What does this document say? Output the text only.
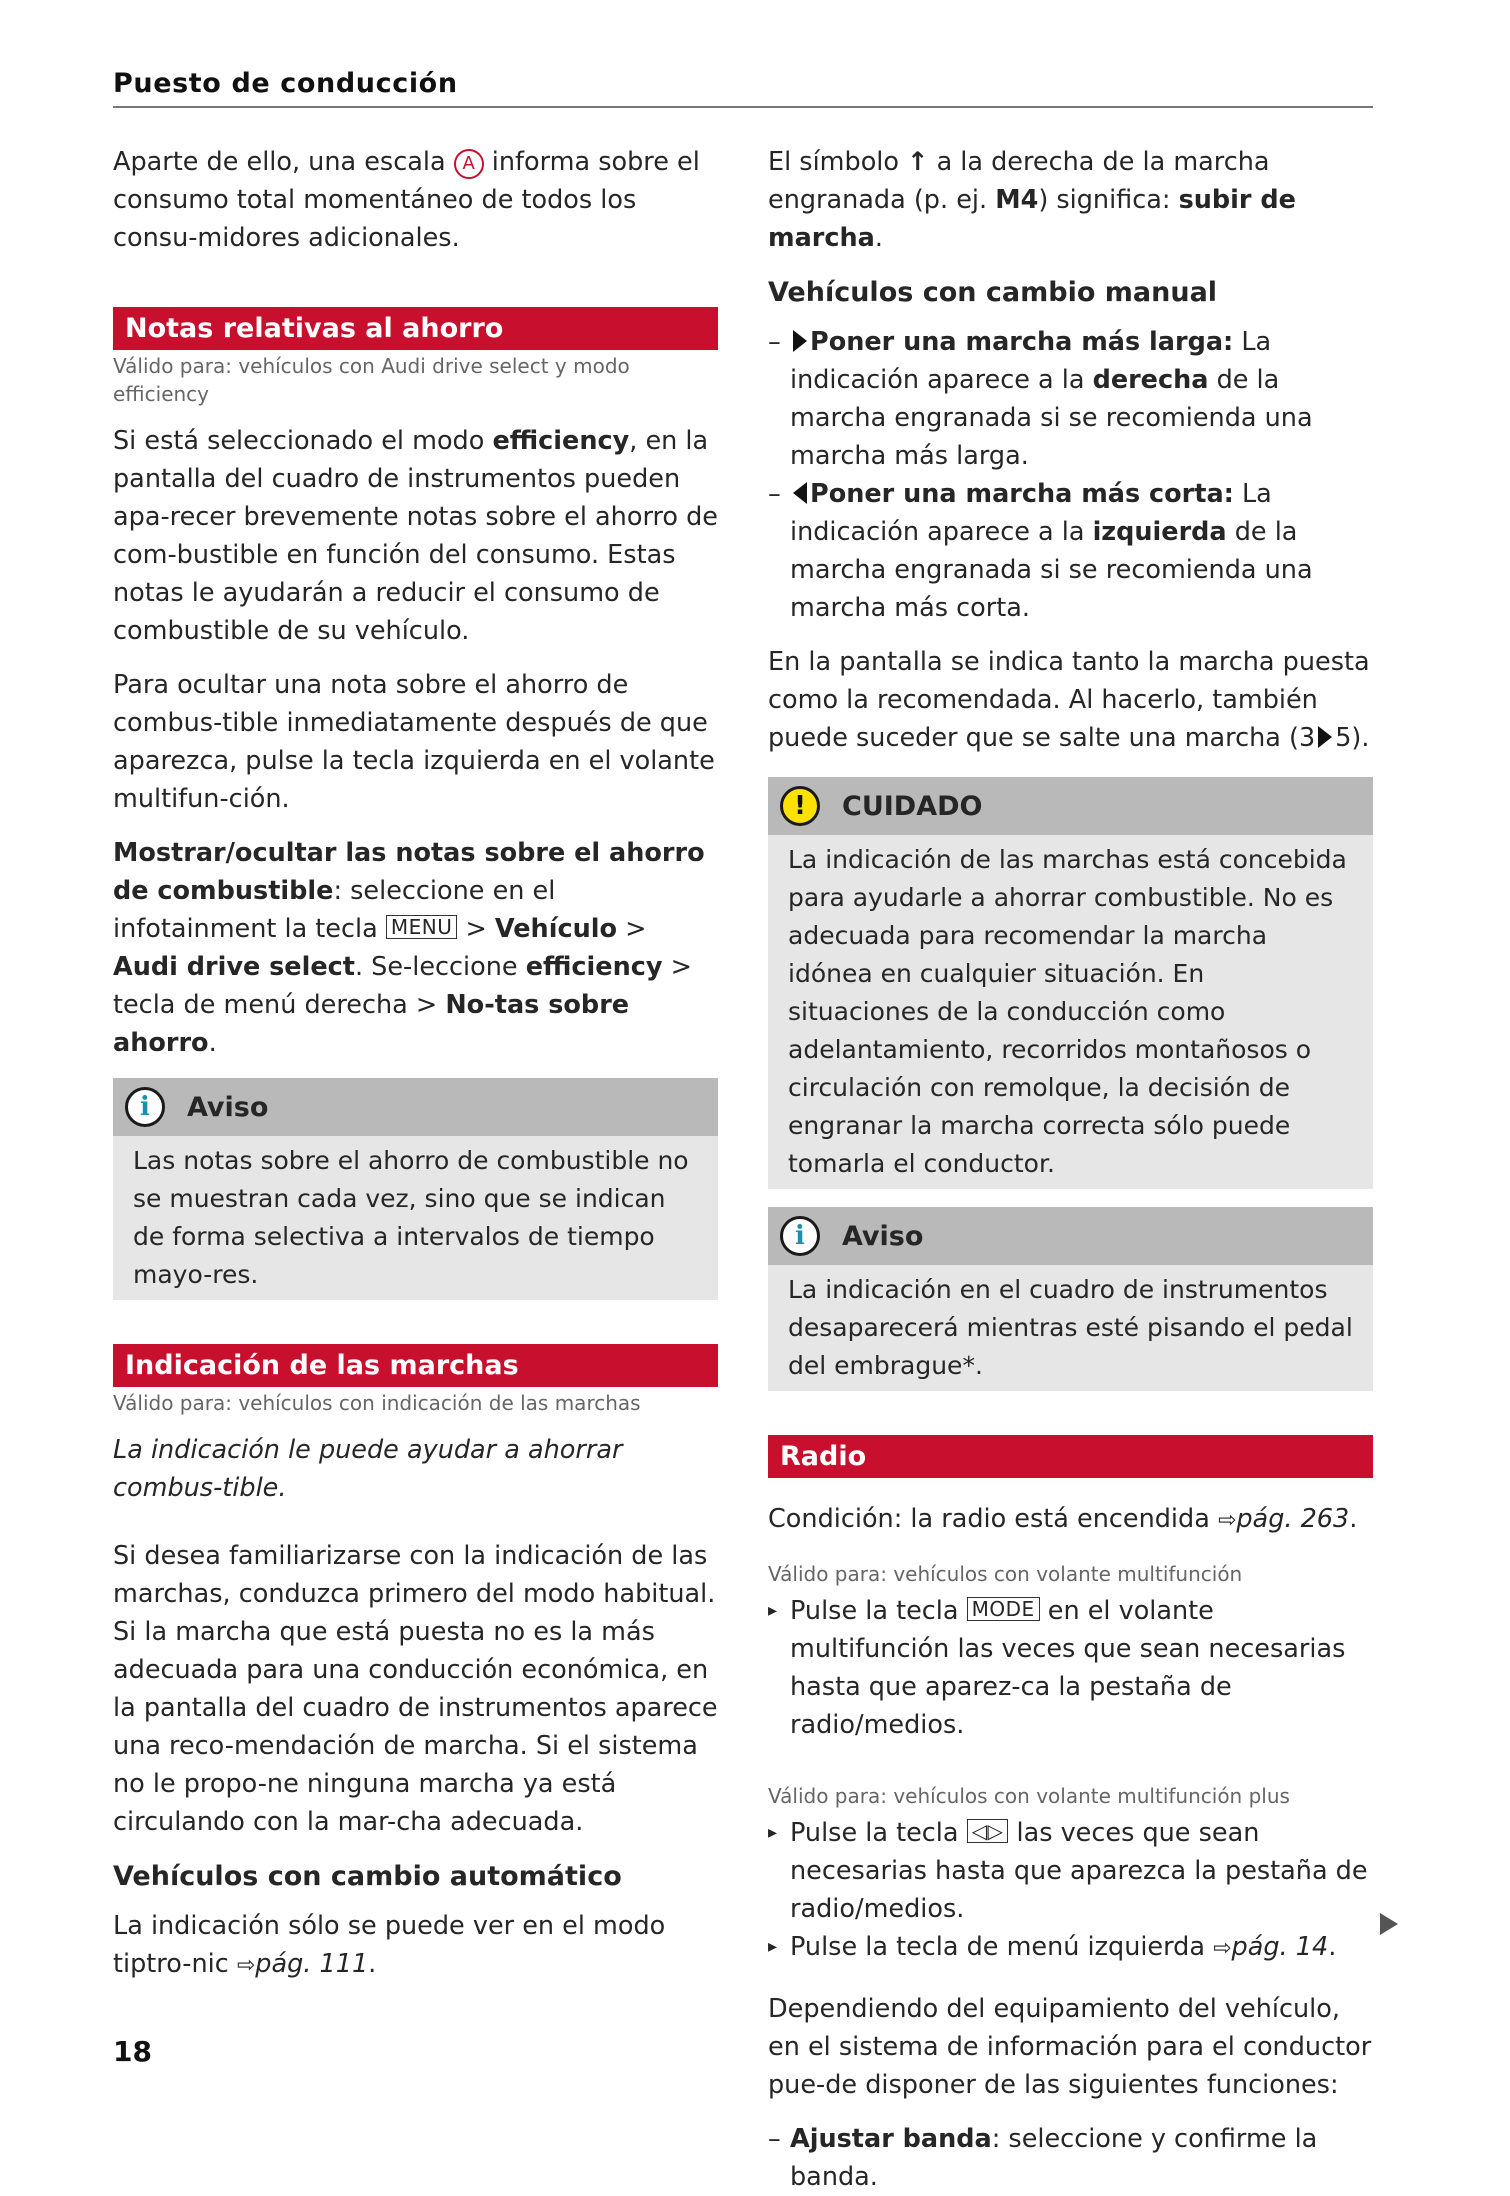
Puesto de conducción

Aparte de ello, una escala A informa sobre el consumo total momentáneo de todos los consu-midores adicionales.

Notas relativas al ahorro
Válido para: vehículos con Audi drive select y modo efficiency

Si está seleccionado el modo efficiency, en la pantalla del cuadro de instrumentos pueden apa-recer brevemente notas sobre el ahorro de com-bustible en función del consumo. Estas notas le ayudarán a reducir el consumo de combustible de su vehículo.

Para ocultar una nota sobre el ahorro de combus-tible inmediatamente después de que aparezca, pulse la tecla izquierda en el volante multifun-ción.

Mostrar/ocultar las notas sobre el ahorro de combustible: seleccione en el infotainment la tecla MENU > Vehículo > Audi drive select. Se-leccione efficiency > tecla de menú derecha > No-tas sobre ahorro.

i	Aviso

Las notas sobre el ahorro de combustible no se muestran cada vez, sino que se indican de forma selectiva a intervalos de tiempo mayo-res.

Indicación de las marchas
Válido para: vehículos con indicación de las marchas

La indicación le puede ayudar a ahorrar combus-tible.

Si desea familiarizarse con la indicación de las marchas, conduzca primero del modo habitual. Si la marcha que está puesta no es la más adecuada para una conducción económica, en la pantalla del cuadro de instrumentos aparece una reco-mendación de marcha. Si el sistema no le propo-ne ninguna marcha ya está circulando con la mar-cha adecuada.

Vehículos con cambio automático

La indicación sólo se puede ver en el modo tiptro-nic ⇨pág. 111.

El símbolo ↑ a la derecha de la marcha engranada (p. ej. M4) significa: subir de marcha.

Vehículos con cambio manual
–	Poner una marcha más larga: La indicación aparece a la derecha de la marcha engranada si se recomienda una marcha más larga.
–	Poner una marcha más corta: La indicación aparece a la izquierda de la marcha engranada si se recomienda una marcha más corta.

En la pantalla se indica tanto la marcha puesta como la recomendada. Al hacerlo, también puede suceder que se salte una marcha (3 5).

!	CUIDADO

La indicación de las marchas está concebida para ayudarle a ahorrar combustible. No es adecuada para recomendar la marcha idónea en cualquier situación. En situaciones de la conducción como adelantamiento, recorridos montañosos o circulación con remolque, la decisión de engranar la marcha correcta sólo puede tomarla el conductor.

i	Aviso

La indicación en el cuadro de instrumentos desaparecerá mientras esté pisando el pedal del embrague*.

Radio

Condición: la radio está encendida ⇨pág. 263.

Válido para: vehículos con volante multifunción
▸ Pulse la tecla MODE en el volante multifunción las veces que sean necesarias hasta que aparez-ca la pestaña de radio/medios.
Válido para: vehículos con volante multifunción plus
▸ Pulse la tecla ◁▷ las veces que sean necesarias hasta que aparezca la pestaña de radio/medios.
▸ Pulse la tecla de menú izquierda ⇨pág. 14.

Dependiendo del equipamiento del vehículo, en el sistema de información para el conductor pue-de disponer de las siguientes funciones:

– Ajustar banda: seleccione y confirme la banda.
18
